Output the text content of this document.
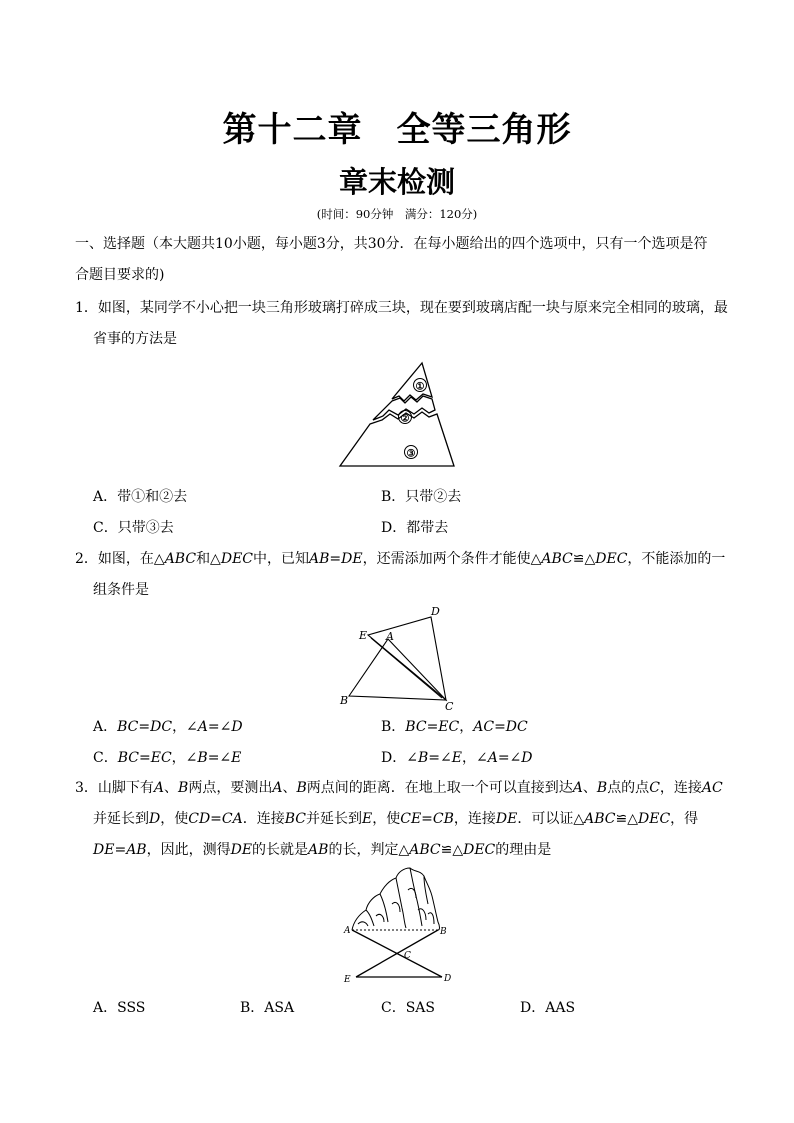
第十二章 全等三角形
章末检测
(时间：90分钟　满分：120分)
一、选择题（本大题共10小题，每小题3分，共30分．在每小题给出的四个选项中，只有一个选项是符
合题目要求的)
1．如图，某同学不小心把一块三角形玻璃打碎成三块，现在要到玻璃店配一块与原来完全相同的玻璃，最
省事的方法是
①
②
③
A．带①和②去	B．只带②去
C．只带③去	D．都带去
2．如图，在△ABC和△DEC中，已知AB=DE，还需添加两个条件才能使△ABC≌△DEC，不能添加的一
组条件是
D
E A
B	C
A．BC=DC，∠A=∠D	B．BC=EC，AC=DC
C．BC=EC，∠B=∠E	D．∠B=∠E，∠A=∠D
3．山脚下有A、B两点，要测出A、B两点间的距离．在地上取一个可以直接到达A、B点的点C，连接AC
并延长到D，使CD=CA．连接BC并延长到E，使CE=CB，连接DE．可以证△ABC≌△DEC，得
DE=AB，因此，测得DE的长就是AB的长，判定△ABC≌△DEC的理由是
A	B
C
E	D
A．SSS	B．ASA	C．SAS	D．AAS
